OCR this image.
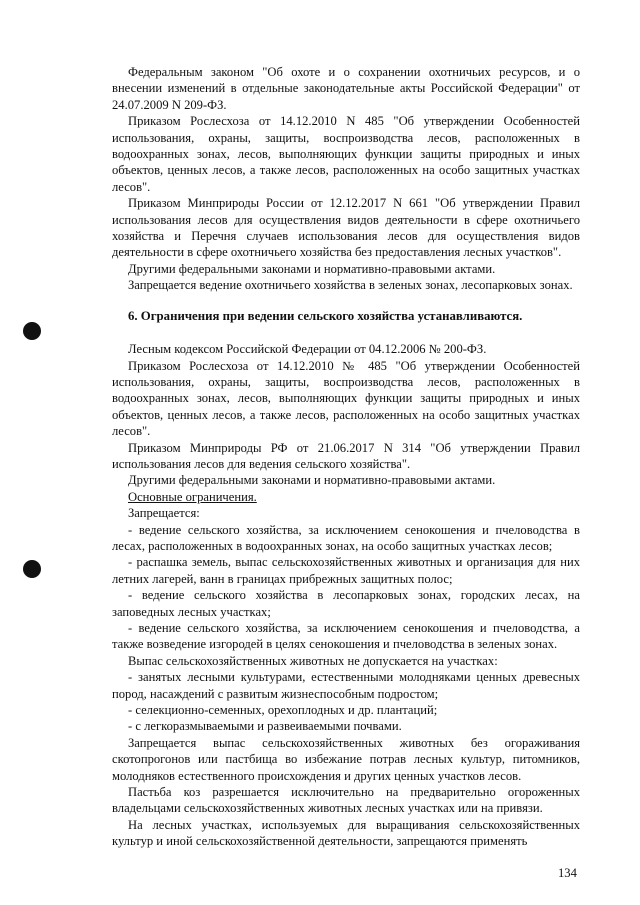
Федеральным законом "Об охоте и о сохранении охотничьих ресурсов, и о внесении изменений в отдельные законодательные акты Российской Федерации" от 24.07.2009 N 209-ФЗ.

Приказом Рослесхоза от 14.12.2010 N 485 "Об утверждении Особенностей использования, охраны, защиты, воспроизводства лесов, расположенных в водоохранных зонах, лесов, выполняющих функции защиты природных и иных объектов, ценных лесов, а также лесов, расположенных на особо защитных участках лесов".

Приказом Минприроды России от 12.12.2017 N 661 "Об утверждении Правил использования лесов для осуществления видов деятельности в сфере охотничьего хозяйства и Перечня случаев использования лесов для осуществления видов деятельности в сфере охотничьего хозяйства без предоставления лесных участков".

Другими федеральными законами и нормативно-правовыми актами.

Запрещается ведение охотничьего хозяйства в зеленых зонах, лесопарковых зонах.

6. Ограничения при ведении сельского хозяйства устанавливаются.

Лесным кодексом Российской Федерации от 04.12.2006 № 200-ФЗ.

Приказом Рослесхоза от 14.12.2010 № 485 "Об утверждении Особенностей использования, охраны, защиты, воспроизводства лесов, расположенных в водоохранных зонах, лесов, выполняющих функции защиты природных и иных объектов, ценных лесов, а также лесов, расположенных на особо защитных участках лесов".

Приказом Минприроды РФ от 21.06.2017 N 314 "Об утверждении Правил использования лесов для ведения сельского хозяйства".

Другими федеральными законами и нормативно-правовыми актами.

Основные ограничения.

Запрещается:

- ведение сельского хозяйства, за исключением сенокошения и пчеловодства в лесах, расположенных в водоохранных зонах, на особо защитных участках лесов;

- распашка земель, выпас сельскохозяйственных животных и организация для них летних лагерей, ванн в границах прибрежных защитных полос;

- ведение сельского хозяйства в лесопарковых зонах, городских лесах, на заповедных лесных участках;

- ведение сельского хозяйства, за исключением сенокошения и пчеловодства, а также возведение изгородей в целях сенокошения и пчеловодства в зеленых зонах.

Выпас сельскохозяйственных животных не допускается на участках:

- занятых лесными культурами, естественными молодняками ценных древесных пород, насаждений с развитым жизнеспособным подростом;

- селекционно-семенных, орехоплодных и др. плантаций;

- с легкоразмываемыми и развеиваемыми почвами.

Запрещается выпас сельскохозяйственных животных без огораживания скотопрогонов или пастбища во избежание потрав лесных культур, питомников, молодняков естественного происхождения и других ценных участков лесов.

Пастьба коз разрешается исключительно на предварительно огороженных владельцами сельскохозяйственных животных лесных участках или на привязи.

На лесных участках, используемых для выращивания сельскохозяйственных культур и иной сельскохозяйственной деятельности, запрещаются применять

134
